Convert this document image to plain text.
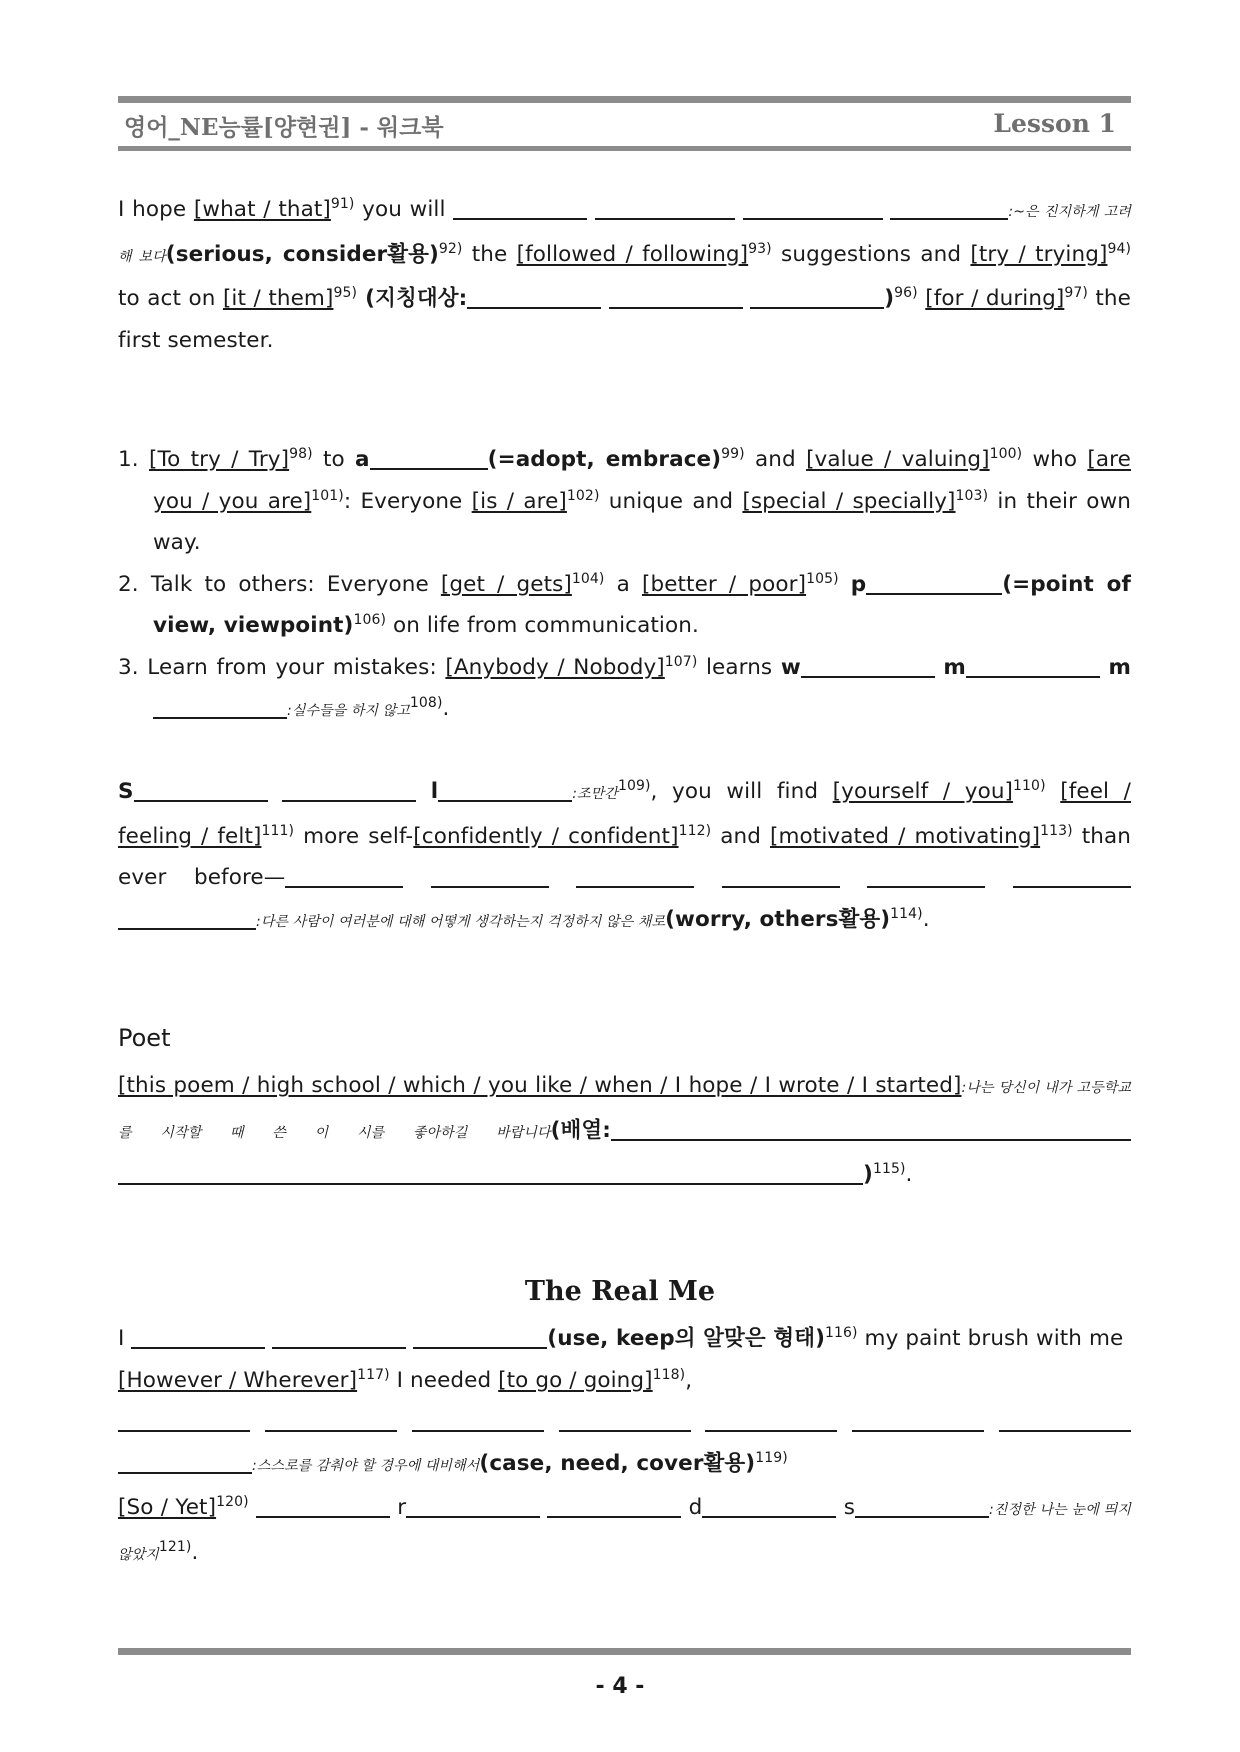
영어_NE능률[양현권] - 워크북	Lesson 1
I hope [what / that]$^{91)}$ you will	:~은 진지하게 고려해 보다(serious, consider활용)$^{92)}$ the [followed / following]$^{93)}$ suggestions and [try / trying]$^{94)}$ to act on [it / them]$^{95)}$ (지칭대상:	)$^{96)}$ [for / during]$^{97)}$ the first semester.
1. [To try / Try]$^{98)}$ to a	(=adopt, embrace)$^{99)}$ and [value / valuing]$^{100)}$ who [are you / you are]$^{101)}$: Everyone [is / are]$^{102)}$ unique and [special / specially]$^{103)}$ in their own way.
2. Talk to others: Everyone [get / gets]$^{104)}$ a [better / poor]$^{105)}$ p	(=point of view, viewpoint)$^{106)}$ on life from communication.
3. Learn from your mistakes: [Anybody / Nobody]$^{107)}$ learns w	m	m:실수들을 하지 않고$^{108)}$.
S	l	:조만간$^{109)}$, you will find [yourself / you]$^{110)}$ [feel / feeling / felt]$^{111)}$ more self-[confidently / confident]$^{112)}$ and [motivated / motivating]$^{113)}$ than ever before—      :다른 사람이 여러분에 대해 어떻게 생각하는지 걱정하지 않은 채로(worry, others활용)$^{114)}$.
Poet
[this poem / high school / which / you like / when / I hope / I wrote / I started]:나는 당신이 내가 고등학교를 시작할 때 쓴 이 시를 좋아하길 바랍니다(배열: )$^{115)}$.
The Real Me
I	(use, keep의 알맞은 형태)$^{116)}$ my paint brush with me
[However / Wherever]$^{117)}$ I needed [to go / going]$^{118)}$,
:스스로를 감춰야 할 경우에 대비해서(case, need, cover활용)$^{119)}$
[So / Yet]$^{120)}$	r	d	s	:진정한 나는 눈에 띄지 않았지$^{121)}$.
- 4 -
